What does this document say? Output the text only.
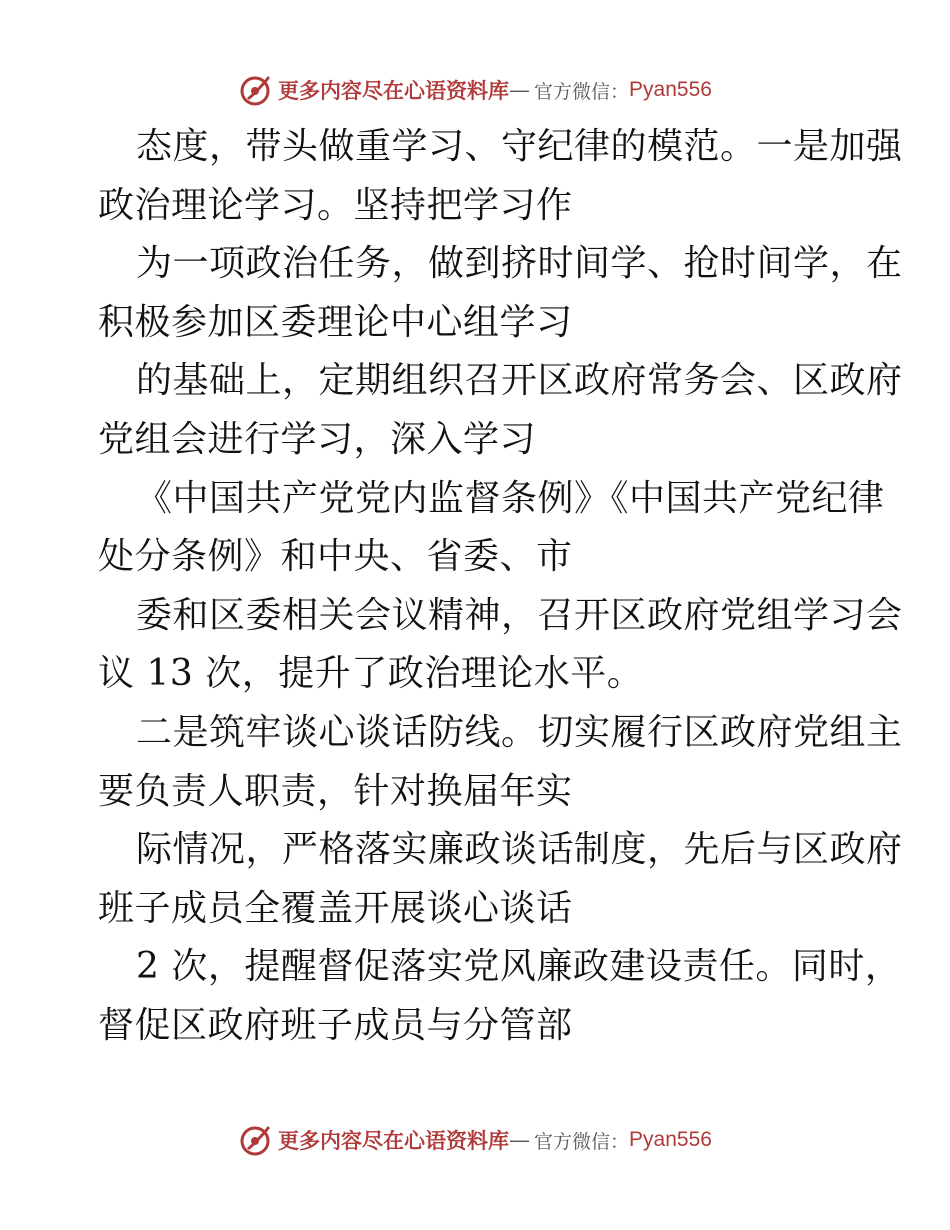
更多内容尽在心语资料库 — 官方微信： Pyan556
态度，带头做重学习、守纪律的模范。一是加强
政治理论学习。坚持把学习作
为一项政治任务，做到挤时间学、抢时间学，在
积极参加区委理论中心组学习
的基础上，定期组织召开区政府常务会、区政府
党组会进行学习，深入学习
《中国共产党党内监督条例》《中国共产党纪律
处分条例》和中央、省委、市
委和区委相关会议精神，召开区政府党组学习会
议 13 次，提升了政治理论水平。
二是筑牢谈心谈话防线。切实履行区政府党组主
要负责人职责，针对换届年实
际情况，严格落实廉政谈话制度，先后与区政府
班子成员全覆盖开展谈心谈话
2 次，提醒督促落实党风廉政建设责任。同时，
督促区政府班子成员与分管部
更多内容尽在心语资料库 — 官方微信： Pyan556
